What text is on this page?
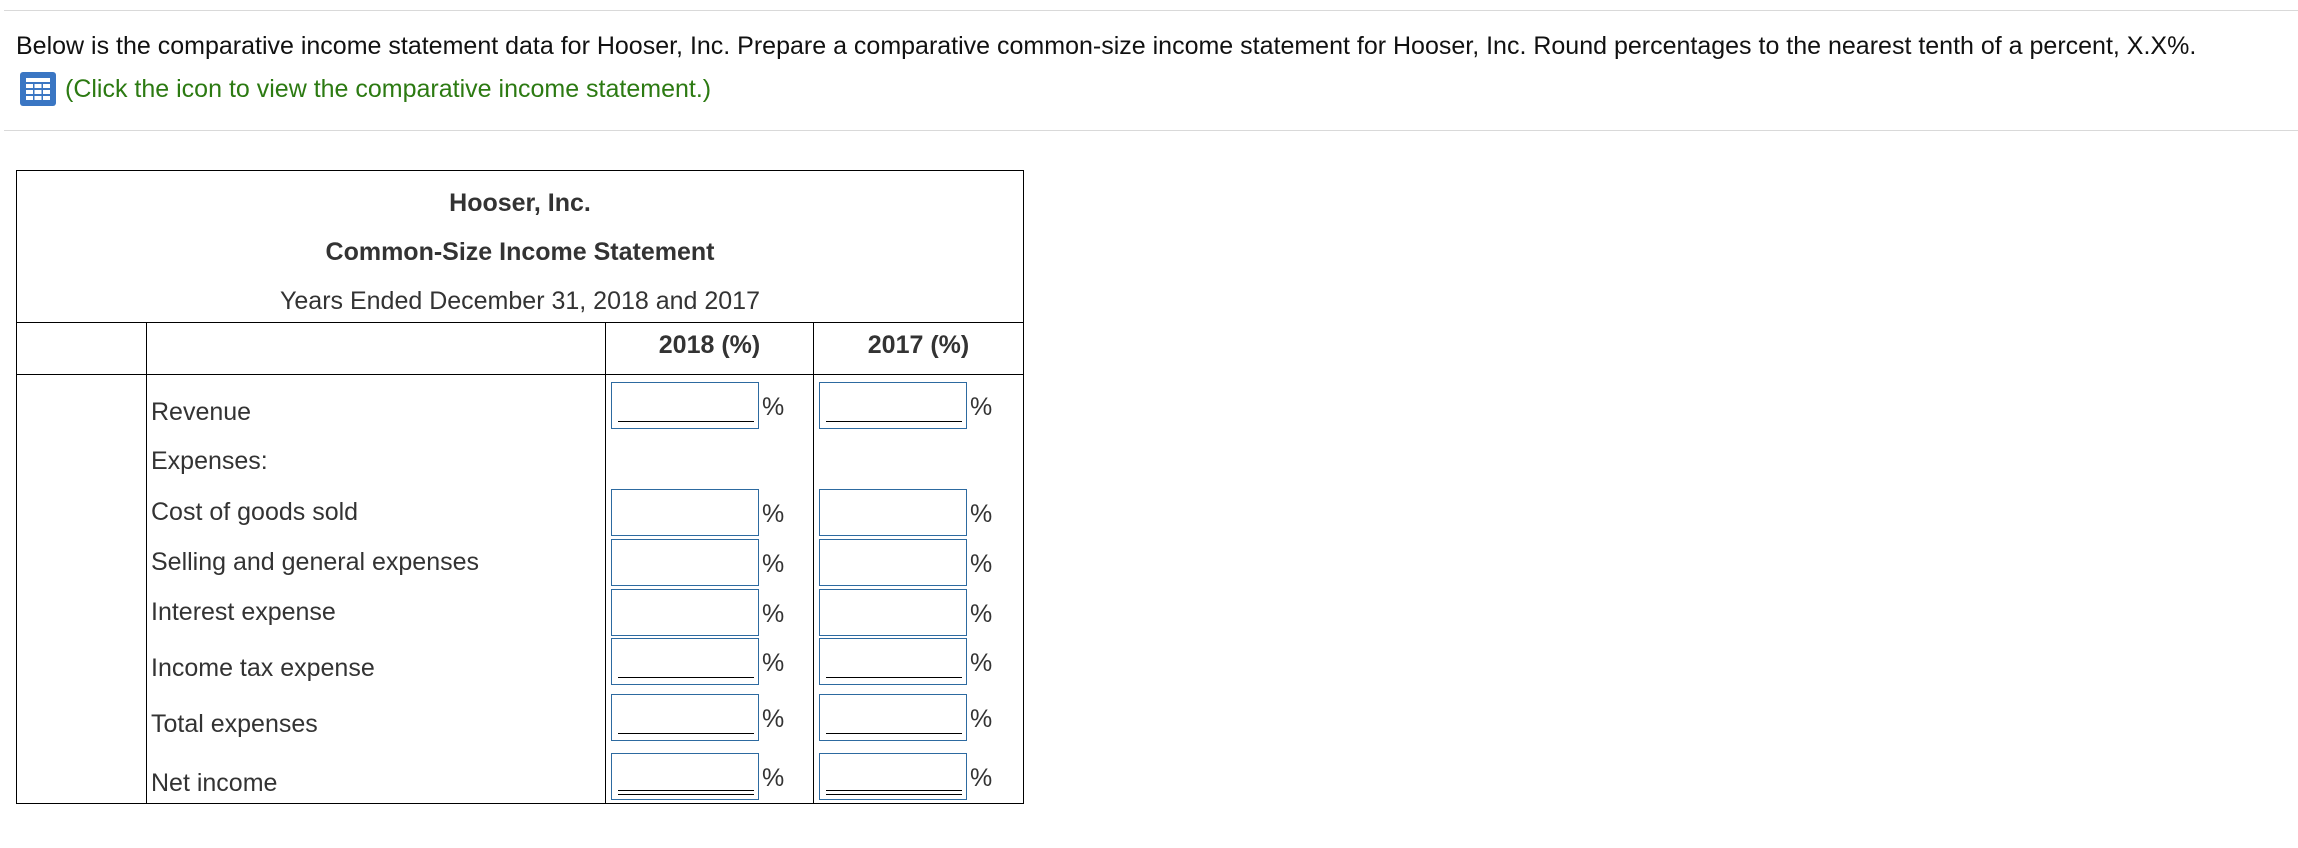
Below is the comparative income statement data for Hooser, Inc. Prepare a comparative common-size income statement for Hooser, Inc. Round percentages to the nearest tenth of a percent, X.X%.
(Click the icon to view the comparative income statement.)
Hooser, Inc.
Common-Size Income Statement
Years Ended December 31, 2018 and 2017
2018 (%)	2017 (%)
Revenue	%	%
Expenses:
Cost of goods sold	%	%
Selling and general expenses	%	%
Interest expense	%	%
Income tax expense	%	%
Total expenses	%	%
Net income	%	%
